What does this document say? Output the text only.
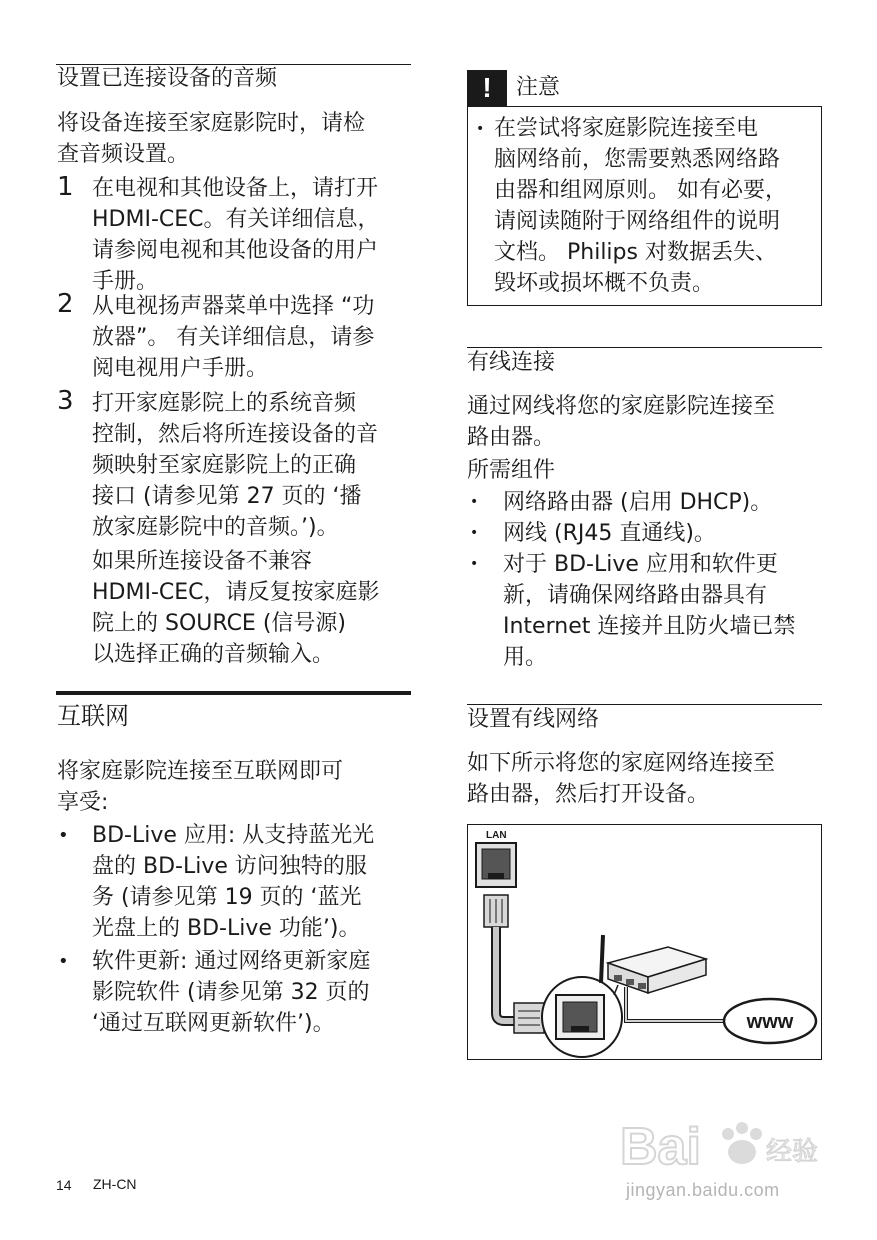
设置已连接设备的音频
将设备连接至家庭影院时，请检
查音频设置。
1 在电视和其他设备上，请打开
HDMI-CEC。有关详细信息，
请参阅电视和其他设备的用户
手册。
2 从电视扬声器菜单中选择 “功
放器”。 有关详细信息，请参
阅电视用户手册。
3 打开家庭影院上的系统音频
控制，然后将所连接设备的音
频映射至家庭影院上的正确
接口 (请参见第 27 页的 ‘播
放家庭影院中的音频。’)。
如果所连接设备不兼容
HDMI-CEC，请反复按家庭影
院上的 SOURCE (信号源)
以选择正确的音频输入。
互联网
将家庭影院连接至互联网即可
享受:
• BD-Live 应用: 从支持蓝光光
盘的 BD-Live 访问独特的服
务 (请参见第 19 页的 ‘蓝光
光盘上的 BD-Live 功能’)。
• 软件更新: 通过网络更新家庭
影院软件 (请参见第 32 页的
‘通过互联网更新软件’)。
!	注意
• 在尝试将家庭影院连接至电
脑网络前，您需要熟悉网络路
由器和组网原则。 如有必要，
请阅读随附于网络组件的说明
文档。 Philips 对数据丢失、
毁坏或损坏概不负责。
有线连接
通过网线将您的家庭影院连接至
路由器。
所需组件
• 网络路由器 (启用 DHCP)。
• 网线 (RJ45 直通线)。
• 对于 BD-Live 应用和软件更
新，请确保网络路由器具有
Internet 连接并且防火墙已禁
用。
设置有线网络
如下所示将您的家庭网络连接至
路由器，然后打开设备。
LAN
www
14 ZH-CN
Bai	经验
jingyan.baidu.com
